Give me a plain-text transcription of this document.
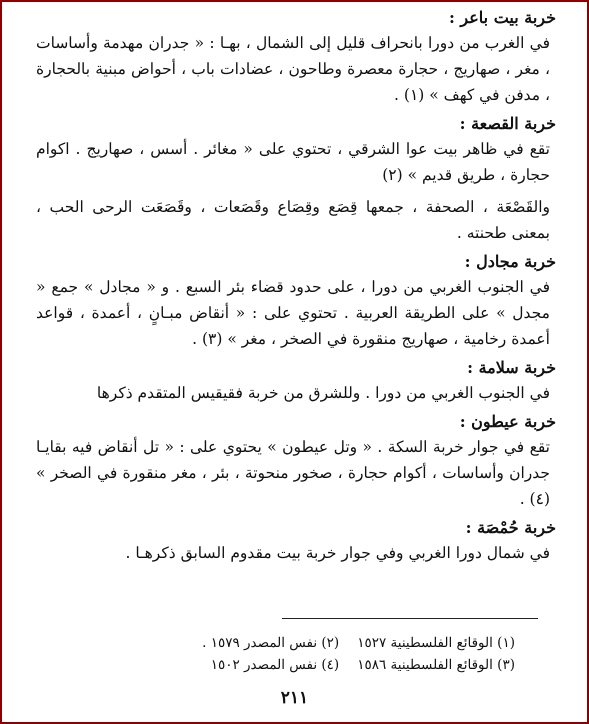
خربة بيت باعر :

في الغرب من دورا بانحراف قليل إلى الشمال ، بهـا : « جدران مهدمة وأساسات ، مغر ، صهاريج ، حجارة معصرة وطاحون ، عضادات باب ، أحواض مبنية بالحجارة ، مدفن في كهف » (١) .

خربة القصعة :

تقع في ظاهر بيت عوا الشرقي ، تحتوي على « مغائر . أسس ، صهاريج . اكوام حجارة ، طريق قديم » (٢)

والقَصْعَة ، الصحفة ، جمعها قِصَع وقِصَاع وقَصَعات ، وقَصَعَت الرحى الحب ، بمعنى طحنته .

خربة مجادل :

في الجنوب الغربي من دورا ، على حدود قضاء بئر السبع . و « مجادل » جمع « مجدل » على الطريقة العربية . تحتوي على : « أنقاض مبـانٍ ، أعمدة ، قواعد أعمدة رخامية ، صهاريج منقورة في الصخر ، مغر » (٣) .

خربة سلامة :

في الجنوب الغربي من دورا . وللشرق من خربة فقيقيس المتقدم ذكرها

خربة عيطون :

تقع في جوار خربة السكة . « وتل عيطون » يحتوي على : « تل أنقاض فيه بقايـا جدران وأساسات ، أكوام حجارة ، صخور منحوتة ، بئر ، مغر منقورة في الصخر » (٤) .

خربة حُمْصَة :

في شمال دورا الغربي وفي جوار خربة بيت مقدوم السابق ذكرهـا .

(١) الوقائع الفلسطينية ١٥٢٧
(٢) نفس المصدر ١٥٧٩ .
(٣) الوقائع الفلسطينية ١٥٨٦
(٤) نفس المصدر ١٥٠٢
٢١١
